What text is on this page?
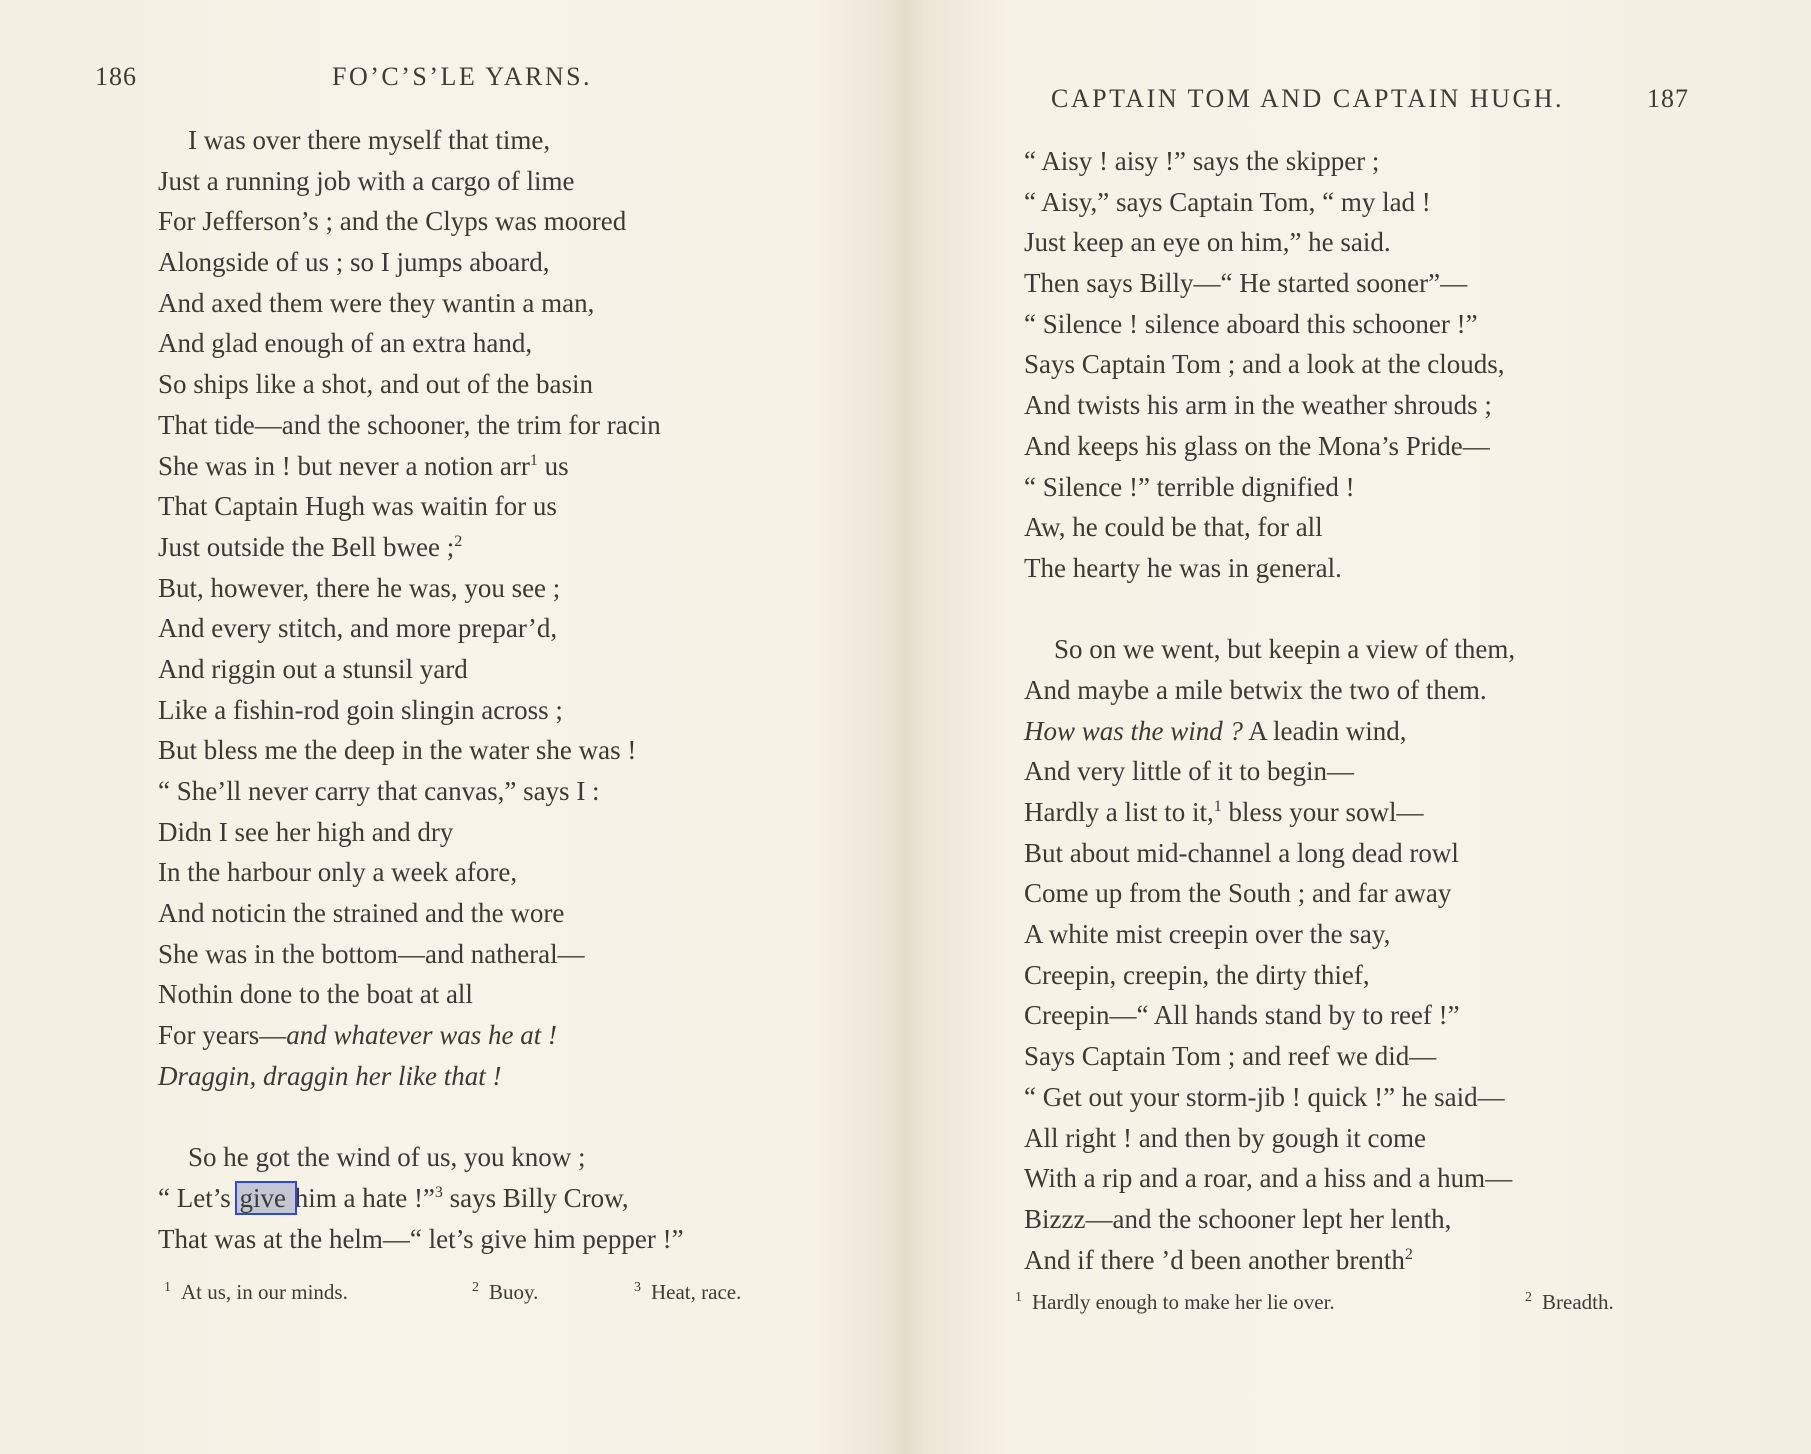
186	FO’C’S’LE YARNS.
I was over there myself that time,
Just a running job with a cargo of lime
For Jefferson’s ; and the Clyps was moored
Alongside of us ; so I jumps aboard,
And axed them were they wantin a man,
And glad enough of an extra hand,
So ships like a shot, and out of the basin
That tide—and the schooner, the trim for racin
She was in ! but never a notion arr$^1$ us
That Captain Hugh was waitin for us
Just outside the Bell bwee ;$^2$
But, however, there he was, you see ;
And every stitch, and more prepar’d,
And riggin out a stunsil yard
Like a fishin-rod goin slingin across ;
But bless me the deep in the water she was !
“ She’ll never carry that canvas,” says I :
Didn I see her high and dry
In the harbour only a week afore,
And noticin the strained and the wore
She was in the bottom—and natheral—
Nothin done to the boat at all
For years—and whatever was he at !
Draggin, draggin her like that !
So he got the wind of us, you know ;
“ Let’s give him a hate !”$^3$ says Billy Crow,
That was at the helm—“ let’s give him pepper !”
$^1$ At us, in our minds.	$^2$ Buoy.	$^3$ Heat, race.
CAPTAIN TOM AND CAPTAIN HUGH.	187
“ Aisy ! aisy !” says the skipper ;
“ Aisy,” says Captain Tom, “ my lad !
Just keep an eye on him,” he said.
Then says Billy—“ He started sooner”—
“ Silence ! silence aboard this schooner !”
Says Captain Tom ; and a look at the clouds,
And twists his arm in the weather shrouds ;
And keeps his glass on the Mona’s Pride—
“ Silence !” terrible dignified !
Aw, he could be that, for all
The hearty he was in general.
So on we went, but keepin a view of them,
And maybe a mile betwix the two of them.
How was the wind ? A leadin wind,
And very little of it to begin—
Hardly a list to it,$^1$ bless your sowl—
But about mid-channel a long dead rowl
Come up from the South ; and far away
A white mist creepin over the say,
Creepin, creepin, the dirty thief,
Creepin—“ All hands stand by to reef !”
Says Captain Tom ; and reef we did—
“ Get out your storm-jib ! quick !” he said—
All right ! and then by gough it come
With a rip and a roar, and a hiss and a hum—
Bizzz—and the schooner lept her lenth,
And if there ’d been another brenth$^2$
$^1$ Hardly enough to make her lie over.	$^2$ Breadth.
